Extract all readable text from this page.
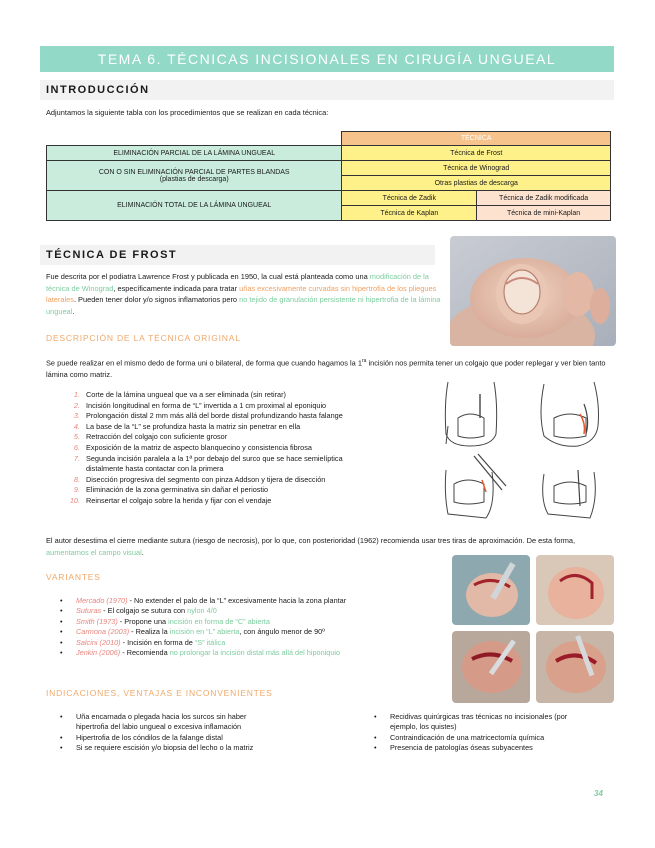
TEMA 6. TÉCNICAS INCISIONALES EN CIRUGÍA UNGUEAL
INTRODUCCIÓN
Adjuntamos la siguiente tabla con los procedimientos que se realizan en cada técnica:
	TÉCNICA	
ELIMINACIÓN PARCIAL DE LA LÁMINA UNGUEAL	Técnica de Frost	

CON O SIN ELIMINACIÓN PARCIAL DE PARTES BLANDAS
(plastias de descarga)	Técnica de Winograd	
	Otras plastias de descarga	
ELIMINACIÓN TOTAL DE LA LÁMINA UNGUEAL	Técnica de Zadik	Técnica de Zadik modificada
	Técnica de Kaplan	Técnica de mini-Kaplan
TÉCNICA DE FROST
Fue descrita por el podiatra Lawrence Frost y publicada en 1950, la cual está planteada como una modificación de la técnica de Winograd, específicamente indicada para tratar uñas excesivamente curvadas sin hipertrofia de los pliegues laterales. Pueden tener dolor y/o signos inflamatorios pero no tejido de granulación persistente ni hipertrofia de la lámina ungueal.
DESCRIPCIÓN DE LA TÉCNICA ORIGINAL
Se puede realizar en el mismo dedo de forma uni o bilateral, de forma que cuando hagamos la $1^{ra}$ incisión nos permita tener un colgajo que poder replegar y ver bien tanto lámina como matriz.
1. Corte de la lámina ungueal que va a ser eliminada (sin retirar)
2. Incisión longitudinal en forma de “L” invertida a 1 cm proximal al eponiquio
3. Prolongación distal 2 mm más allá del borde distal profundizando hasta falange
4. La base de la “L” se profundiza hasta la matriz sin penetrar en ella
5. Retracción del colgajo con suficiente grosor
6. Exposición de la matriz de aspecto blanquecino y consistencia fibrosa
7. Segunda incisión paralela a la 1ª por debajo del surco que se hace semielíptica
distalmente hasta contactar con la primera
8. Disección progresiva del segmento con pinza Addson y tijera de disección
9. Eliminación de la zona germinativa sin dañar el periostio
10. Reinsertar el colgajo sobre la herida y fijar con el vendaje
El autor desestima el cierre mediante sutura (riesgo de necrosis), por lo que, con posterioridad (1962) recomienda usar tres tiras de aproximación. De esta forma, aumentamos el campo visual.
VARIANTES
• Mercado (1970) - No extender el palo de la “L” excesivamente hacia la zona plantar
• Suturas - El colgajo se sutura con nylon 4/0
• Smith (1973) - Propone una incisión en forma de “C” abierta
• Carmona (2003) - Realiza la incisión en “L” abierta, con ángulo menor de 90º
• Salcini (2010) - Incisión en forma de “S” itálica
• Jenkin (2006) - Recomienda no prolongar la incisión distal más allá del hiponiquio
INDICACIONES, VENTAJAS E INCONVENIENTES
• Uña encarnada o plegada hacia los surcos sin haber
hipertrofia del labio ungueal o excesiva inflamación
• Hipertrofia de los cóndilos de la falange distal
• Si se requiere escisión y/o biopsia del lecho o la matriz
• Recidivas quirúrgicas tras técnicas no incisionales (por
ejemplo, los quistes)
• Contraindicación de una matricectomía química
• Presencia de patologías óseas subyacentes
34
